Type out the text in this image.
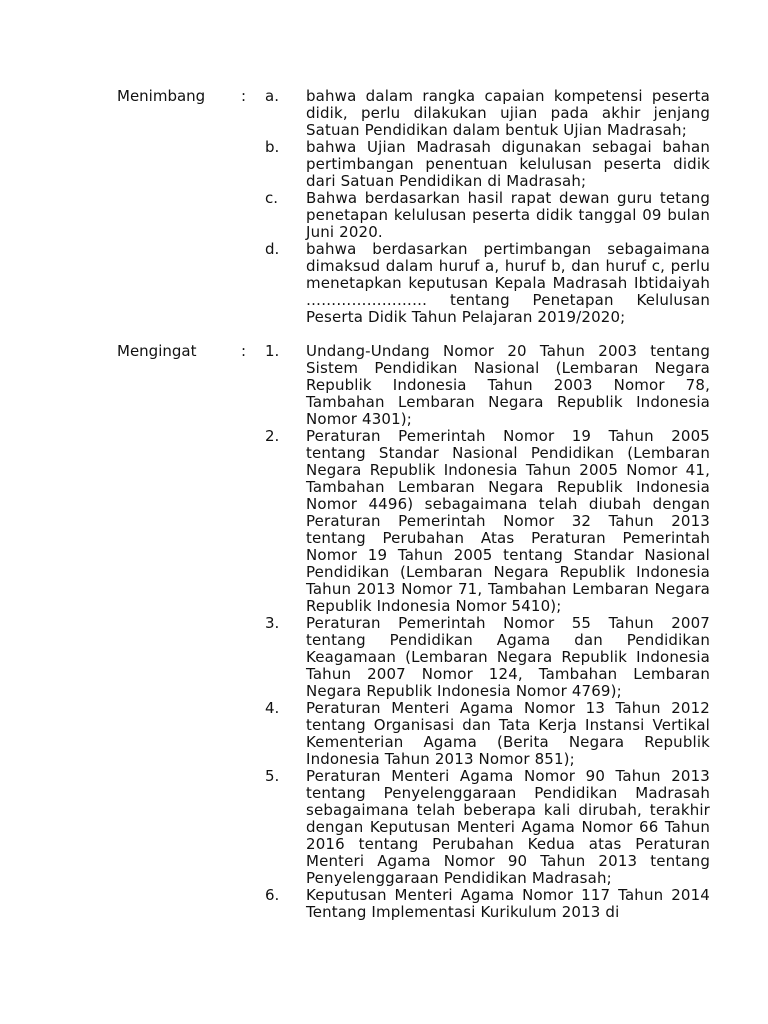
Menimbang : a. bahwa dalam rangka capaian kompetensi peserta didik, perlu dilakukan ujian pada akhir jenjang Satuan Pendidikan dalam bentuk Ujian Madrasah;
b. bahwa Ujian Madrasah digunakan sebagai bahan pertimbangan penentuan kelulusan peserta didik dari Satuan Pendidikan di Madrasah;
c. Bahwa berdasarkan hasil rapat dewan guru tetang penetapan kelulusan peserta didik tanggal 09 bulan Juni 2020.
d. bahwa berdasarkan pertimbangan sebagaimana dimaksud dalam huruf a, huruf b, dan huruf c, perlu menetapkan keputusan Kepala Madrasah Ibtidaiyah …………………… tentang Penetapan Kelulusan Peserta Didik Tahun Pelajaran 2019/2020;
Mengingat	: 1. Undang-Undang Nomor 20 Tahun 2003 tentang Sistem Pendidikan Nasional (Lembaran Negara Republik Indonesia Tahun 2003 Nomor 78, Tambahan Lembaran Negara Republik Indonesia Nomor 4301);
2. Peraturan Pemerintah Nomor 19 Tahun 2005 tentang Standar Nasional Pendidikan (Lembaran Negara Republik Indonesia Tahun 2005 Nomor 41, Tambahan Lembaran Negara Republik Indonesia Nomor 4496) sebagaimana telah diubah dengan Peraturan Pemerintah Nomor 32 Tahun 2013 tentang Perubahan Atas Peraturan Pemerintah Nomor 19 Tahun 2005 tentang Standar Nasional Pendidikan (Lembaran Negara Republik Indonesia Tahun 2013 Nomor 71, Tambahan Lembaran Negara Republik Indonesia Nomor 5410);
3. Peraturan Pemerintah Nomor 55 Tahun 2007 tentang Pendidikan Agama dan Pendidikan Keagamaan (Lembaran Negara Republik Indonesia Tahun 2007 Nomor 124, Tambahan Lembaran Negara Republik Indonesia Nomor 4769);
4. Peraturan Menteri Agama Nomor 13 Tahun 2012 tentang Organisasi dan Tata Kerja Instansi Vertikal Kementerian Agama (Berita Negara Republik Indonesia Tahun 2013 Nomor 851);
5. Peraturan Menteri Agama Nomor 90 Tahun 2013 tentang Penyelenggaraan Pendidikan Madrasah sebagaimana telah beberapa kali dirubah, terakhir dengan Keputusan Menteri Agama Nomor 66 Tahun 2016 tentang Perubahan Kedua atas Peraturan Menteri Agama Nomor 90 Tahun 2013 tentang Penyelenggaraan Pendidikan Madrasah;
6. Keputusan Menteri Agama Nomor 117 Tahun 2014 Tentang Implementasi Kurikulum 2013 di
